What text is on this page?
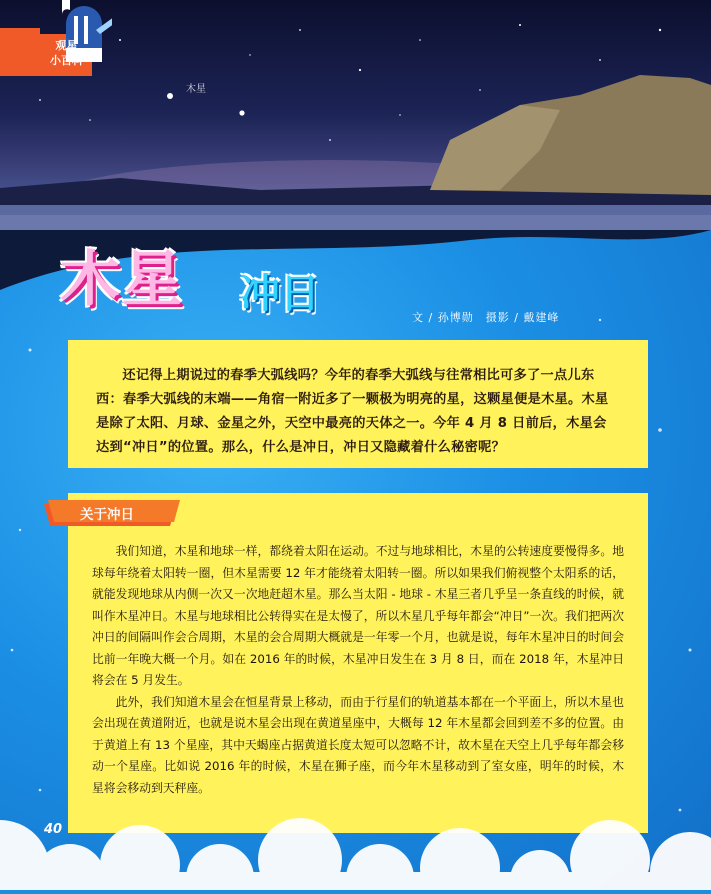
木星
观星
小百科
木星 冲日
文 / 孙博勋　摄影 / 戴建峰
还记得上期说过的春季大弧线吗？今年的春季大弧线与往常相比可多了一点儿东西：春季大弧线的末端——角宿一附近多了一颗极为明亮的星，这颗星便是木星。木星是除了太阳、月球、金星之外，天空中最亮的天体之一。今年 4 月 8 日前后，木星会达到“冲日”的位置。那么，什么是冲日，冲日又隐藏着什么秘密呢？

我们知道，木星和地球一样，都绕着太阳在运动。不过与地球相比，木星的公转速度要慢得多。地球每年绕着太阳转一圈，但木星需要 12 年才能绕着太阳转一圈。所以如果我们俯视整个太阳系的话，就能发现地球从内侧一次又一次地赶超木星。那么当太阳 - 地球 - 木星三者几乎呈一条直线的时候，就叫作木星冲日。木星与地球相比公转得实在是太慢了，所以木星几乎每年都会“冲日”一次。我们把两次冲日的间隔叫作会合周期，木星的会合周期大概就是一年零一个月，也就是说，每年木星冲日的时间会比前一年晚大概一个月。如在 2016 年的时候，木星冲日发生在 3 月 8 日，而在 2018 年，木星冲日将会在 5 月发生。

此外，我们知道木星会在恒星背景上移动，而由于行星们的轨道基本都在一个平面上，所以木星也会出现在黄道附近，也就是说木星会出现在黄道星座中，大概每 12 年木星都会回到差不多的位置。由于黄道上有 13 个星座，其中天蝎座占据黄道长度太短可以忽略不计，故木星在天空上几乎每年都会移动一个星座。比如说 2016 年的时候，木星在狮子座，而今年木星移动到了室女座，明年的时候，木星将会移动到天秤座。

关于冲日
40
